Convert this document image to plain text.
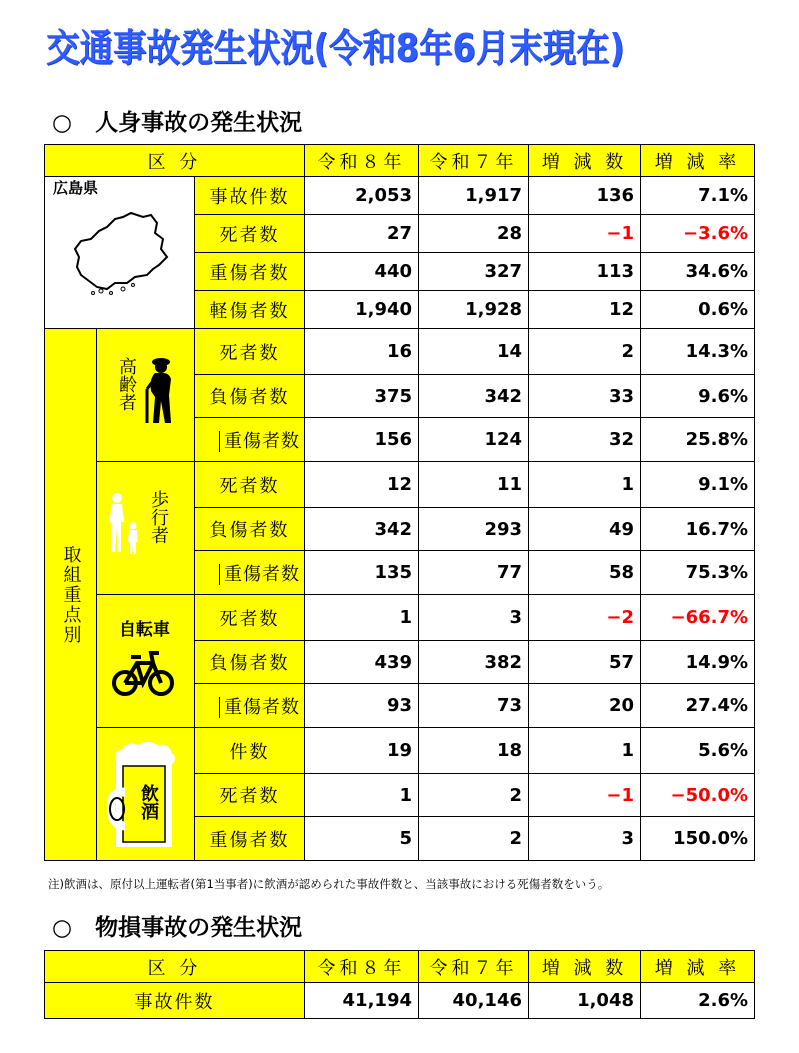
交通事故発生状況(令和8年6月末現在)
○　人身事故の発生状況
区 分			令和８年	令和７年	増 減 数	増 減 率

広島県		事故件数	2,053	1,917	136	7.1%
		死者数	27	28	−1	−3.6%
		重傷者数	440	327	113	34.6%
		軽傷者数	1,940	1,928	12	0.6%

取組重点別	高齢者	死者数	16	14	2	14.3%
		負傷者数	375	342	33	9.6%
		重傷者数	156	124	32	25.8%

	歩行者	死者数	12	11	1	9.1%
		負傷者数	342	293	49	16.7%
		重傷者数	135	77	58	75.3%

	自転車	死者数	1	3	−2	−66.7%
		負傷者数	439	382	57	14.9%
		重傷者数	93	73	20	27.4%

	飲酒	件数	19	18	1	5.6%
		死者数	1	2	−1	−50.0%
		重傷者数	5	2	3	150.0%
注)飲酒は、原付以上運転者(第1当事者)に飲酒が認められた事故件数と、当該事故における死傷者数をいう。
○　物損事故の発生状況
区 分	令和８年	令和７年	増 減 数	増 減 率
事故件数	41,194	40,146	1,048	2.6%
